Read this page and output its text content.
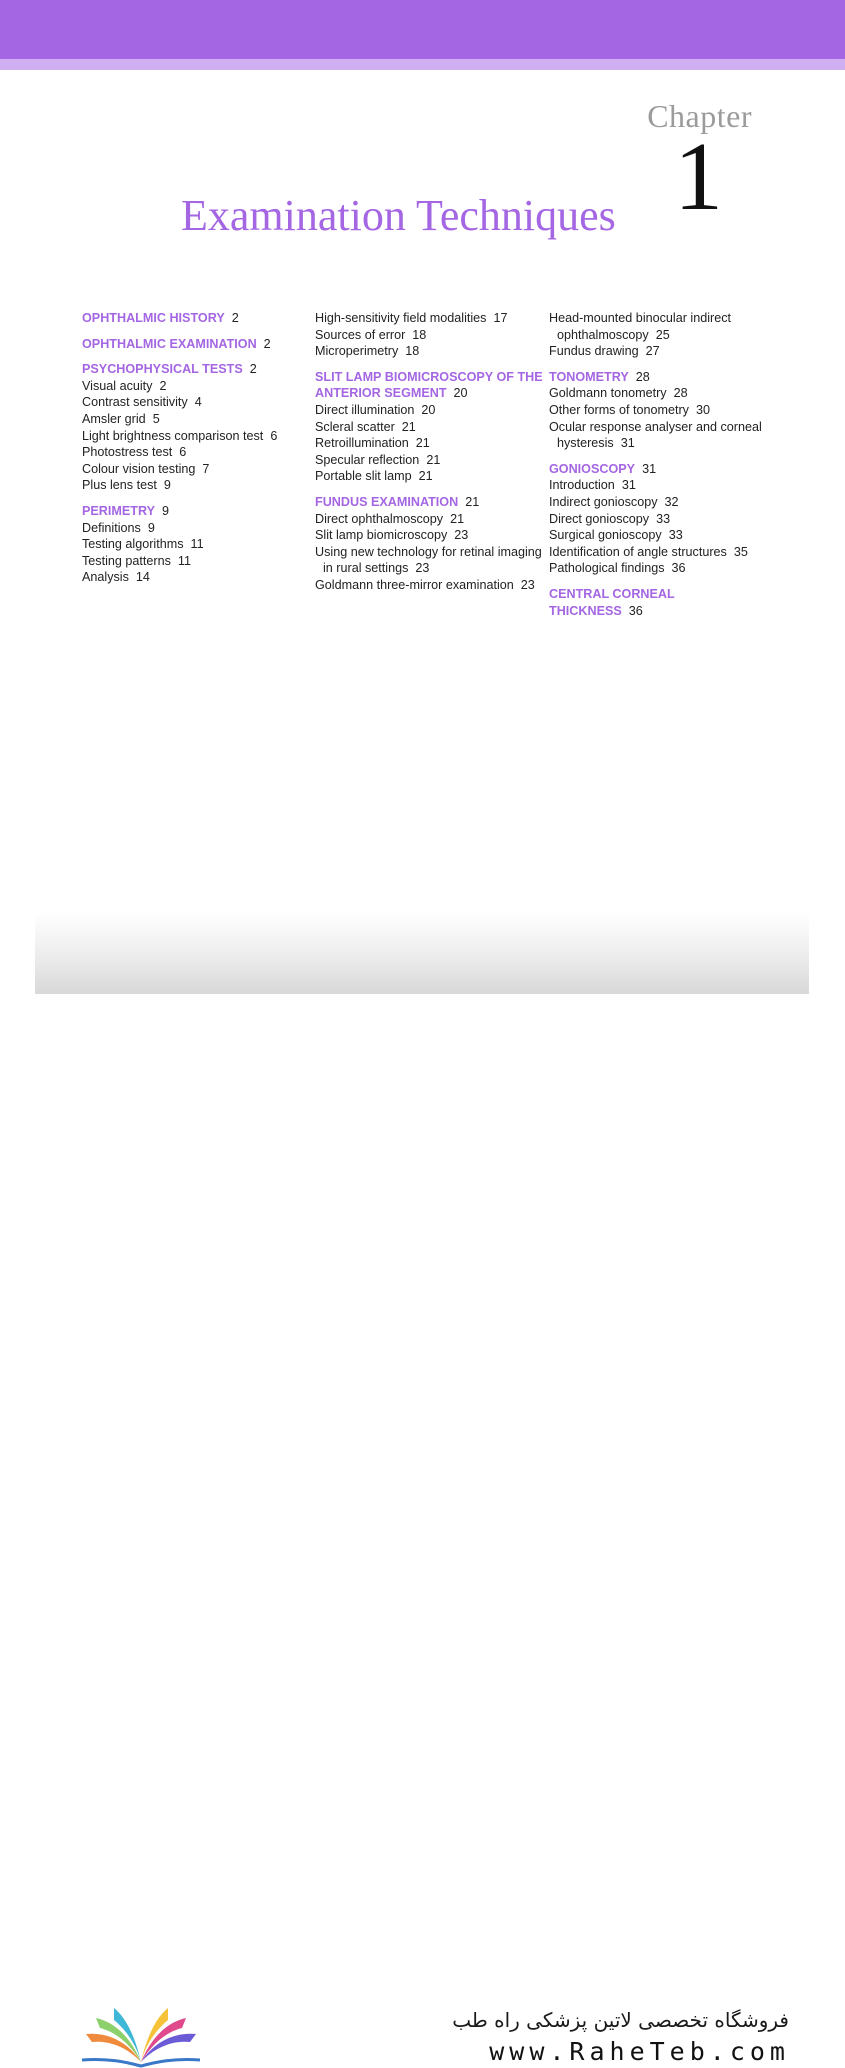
Chapter
1
Examination Techniques
OPHTHALMIC HISTORY 2
OPHTHALMIC EXAMINATION 2
PSYCHOPHYSICAL TESTS 2
Visual acuity 2
Contrast sensitivity 4
Amsler grid 5
Light brightness comparison test 6
Photostress test 6
Colour vision testing 7
Plus lens test 9
PERIMETRY 9
Definitions 9
Testing algorithms 11
Testing patterns 11
Analysis 14
High-sensitivity field modalities 17
Sources of error 18
Microperimetry 18
SLIT LAMP BIOMICROSCOPY OF THE ANTERIOR SEGMENT 20
Direct illumination 20
Scleral scatter 21
Retroillumination 21
Specular reflection 21
Portable slit lamp 21
FUNDUS EXAMINATION 21
Direct ophthalmoscopy 21
Slit lamp biomicroscopy 23
Using new technology for retinal imaging in rural settings 23
Goldmann three-mirror examination 23
Head-mounted binocular indirect ophthalmoscopy 25
Fundus drawing 27
TONOMETRY 28
Goldmann tonometry 28
Other forms of tonometry 30
Ocular response analyser and corneal hysteresis 31
GONIOSCOPY 31
Introduction 31
Indirect gonioscopy 32
Direct gonioscopy 33
Surgical gonioscopy 33
Identification of angle structures 35
Pathological findings 36
CENTRAL CORNEAL THICKNESS 36
فروشگاه تخصصی لاتین پزشکی راه طب
www.RaheTeb.com
